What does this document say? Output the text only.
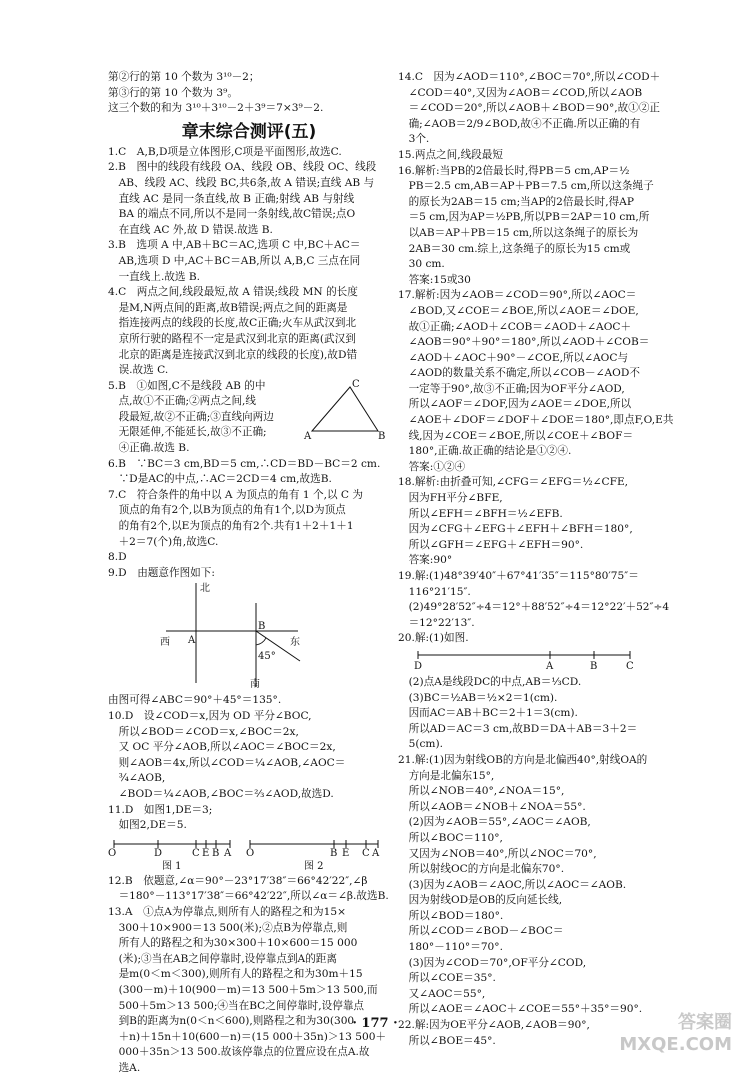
第②行的第 10 个数为 3¹⁰－2；
第③行的第 10 个数为 3⁹。
这三个数的和为 3¹⁰＋3¹⁰－2＋3⁹＝7×3⁹－2.
章末综合测评(五)
1.C　A,B,D项是立体图形,C项是平面图形,故选C.
2.B　图中的线段有线段 OA、线段 OB、线段 OC、线段
　AB、线段 AC、线段 BC,共6条,故 A 错误;直线 AB 与
　直线 AC 是同一条直线,故 B 正确;射线 AB 与射线
　BA 的端点不同,所以不是同一条射线,故C错误;点O
　在直线 AC 外,故 D 错误.故选 B.
3.B　选项 A 中,AB＋BC＝AC,选项 C 中,BC＋AC＝
　AB,选项 D 中,AC＋BC＝AB,所以 A,B,C 三点在同
　一直线上.故选 B.
4.C　两点之间,线段最短,故 A 错误;线段 MN 的长度
　是M,N两点间的距离,故B错误;两点之间的距离是
　指连接两点的线段的长度,故C正确;火车从武汉到北
　京所行驶的路程不一定是武汉到北京的距离(武汉到
　北京的距离是连接武汉到北京的线段的长度),故D错
　误.故选 C.
5.B　①如图,C不是线段 AB 的中
　点,故①不正确;②两点之间,线
　段最短,故②不正确;③直线向两边
　无限延伸,不能延长,故③不正确;
　④正确.故选 B.
A	B
C
6.B　∵BC＝3 cm,BD＝5 cm,∴CD＝BD－BC＝2 cm.
　∵D是AC的中点,∴AC＝2CD＝4 cm,故选B.
7.C　符合条件的角中以 A 为顶点的角有 1 个,以 C 为
　顶点的角有2个,以B为顶点的角有1个,以D为顶点
　的角有2个,以E为顶点的角有2个.共有1＋2＋1＋1
　＋2＝7(个)角,故选C.
8.D
9.D　由题意作图如下:
北
西 A
B
东
45°
南
由图可得∠ABC＝90°＋45°＝135°.
10.D　设∠COD＝x,因为 OD 平分∠BOC,
　所以∠BOD＝∠COD＝x,∠BOC＝2x,
　又 OC 平分∠AOB,所以∠AOC＝∠BOC＝2x,
　则∠AOB＝4x,所以∠COD＝¼∠AOB,∠AOC＝
　¾∠AOB,
　∠BOD＝¼∠AOB,∠BOC＝⅔∠AOD,故选D.
11.D　如图1,DE＝3;
　如图2,DE＝5.
O	D	C E B A O	B E C A
图 1	图 2
12.B　依题意,∠α＝90°－23°17′38″＝66°42′22″,∠β
　＝180°－113°17′38″＝66°42′22″,所以∠α＝∠β.故选B.
13.A　①点A为停靠点,则所有人的路程之和为15×
　300＋10×900＝13 500(米);②点B为停靠点,则
　所有人的路程之和为30×300＋10×600＝15 000
　(米);③当在AB之间停靠时,设停靠点到A的距离
　是m(0＜m＜300),则所有人的路程之和为30m＋15
　(300－m)＋10(900－m)＝13 500＋5m＞13 500,而
　500＋5m＞13 500;④当在BC之间停靠时,设停靠点
　到B的距离为n(0＜n＜600),则路程之和为30(300
　＋n)＋15n＋10(600－n)＝(15 000＋35n)＞13 500＋
　000＋35n＞13 500.故该停靠点的位置应设在点A.故
　选A.
14.C　因为∠AOD＝110°,∠BOC＝70°,所以∠COD＋
　∠COD＝40°,又因为∠AOB＝∠COD,所以∠AOB
　＝∠COD＝20°,所以∠AOB＋∠BOD＝90°,故①②正
　确;∠AOB＝2/9∠BOD,故④不正确.所以正确的有
　3个.
15.两点之间,线段最短
16.解析:当PB的2倍最长时,得PB＝5 cm,AP＝½
　PB＝2.5 cm,AB＝AP＋PB＝7.5 cm,所以这条绳子
　的原长为2AB＝15 cm;当AP的2倍最长时,得AP
　＝5 cm,因为AP＝½PB,所以PB＝2AP＝10 cm,所
　以AB＝AP＋PB＝15 cm,所以这条绳子的原长为
　2AB＝30 cm.综上,这条绳子的原长为15 cm或
　30 cm.
　答案:15或30
17.解析:因为∠AOB＝∠COD＝90°,所以∠AOC＝
　∠BOD,又∠COE＝∠BOE,所以∠AOE＝∠DOE,
　故①正确;∠AOD＋∠COB＝∠AOD＋∠AOC＋
　∠AOB＝90°＋90°＝180°,所以∠AOD＋∠COB＝
　∠AOD＋∠AOC＋90°－∠COE,所以∠AOC与
　∠AOD的数量关系不确定,所以∠COB－∠AOD不
　一定等于90°,故③不正确;因为OF平分∠AOD,
　所以∠AOF＝∠DOF,因为∠AOE＝∠DOE,所以
　∠AOE＋∠DOF＝∠DOF＋∠DOE＝180°,即点F,O,E共
　线,因为∠COE＝∠BOE,所以∠COE＋∠BOF＝
　180°,正确.故正确的结论是①②④.
　答案:①②④
18.解析:由折叠可知,∠CFG＝∠EFG＝½∠CFE,
　因为FH平分∠BFE,
　所以∠EFH＝∠BFH＝½∠EFB.
　因为∠CFG＋∠EFG＋∠EFH＋∠BFH＝180°,
　所以∠GFH＝∠EFG＋∠EFH＝90°.
　答案:90°
19.解:(1)48°39′40″＋67°41′35″＝115°80′75″＝
　116°21′15″.
　(2)49°28′52″÷4＝12°＋88′52″÷4＝12°22′＋52″÷4
　＝12°22′13″.
20.解:(1)如图.
D	A	B	C
　(2)点A是线段DC的中点,AB＝⅓CD.
　(3)BC＝½AB＝½×2＝1(cm).
　因而AC＝AB＋BC＝2＋1＝3(cm).
　所以AD＝AC＝3 cm,故BD＝DA＋AB＝3＋2＝
　5(cm).
21.解:(1)因为射线OB的方向是北偏西40°,射线OA的
　方向是北偏东15°,
　所以∠NOB＝40°,∠NOA＝15°,
　所以∠AOB＝∠NOB＋∠NOA＝55°.
　(2)因为∠AOB＝55°,∠AOC＝∠AOB,
　所以∠BOC＝110°,
　又因为∠NOB＝40°,所以∠NOC＝70°,
　所以射线OC的方向是北偏东70°.
　(3)因为∠AOB＝∠AOC,所以∠AOC＝∠AOB.
　因为射线OD是OB的反向延长线,
　所以∠BOD＝180°.
　所以∠COD＝∠BOD－∠BOC＝
　180°－110°＝70°.
　(3)因为∠COD＝70°,OF平分∠COD,
　所以∠COE＝35°.
　又∠AOC＝55°,
　所以∠AOE＝∠AOC＋∠COE＝55°＋35°＝90°.
22.解:因为OE平分∠AOB,∠AOB＝90°,
　所以∠BOE＝45°.
· 177 ·	答案圈
MXQE.COM
